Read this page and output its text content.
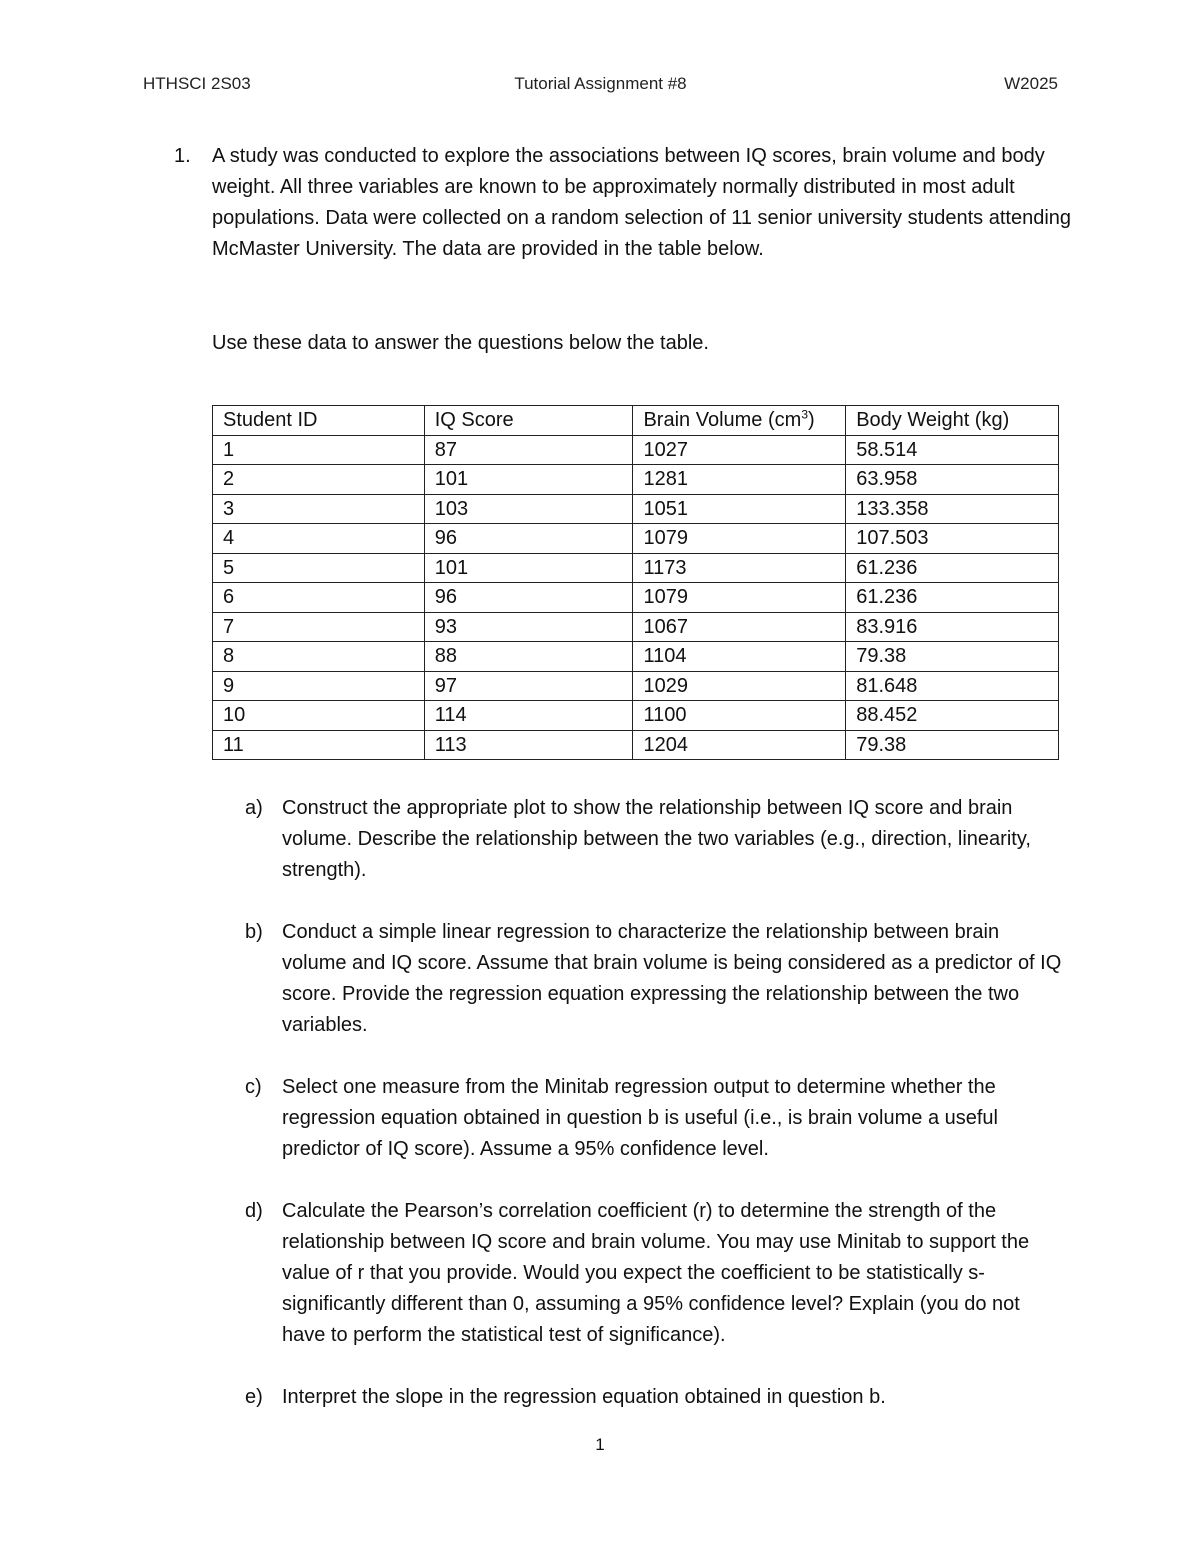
HTHSCI 2S03	Tutorial Assignment #8	W2025
1. A study was conducted to explore the associations between IQ scores, brain volume and body weight. All three variables are known to be approximately normally distributed in most adult populations. Data were collected on a random selection of 11 senior university students attending McMaster University. The data are provided in the table below.

Use these data to answer the questions below the table.
Student ID	IQ Score	Brain Volume $(cm^3)$	Body Weight (kg)
1	87	1027	58.514
2	101	1281	63.958
3	103	1051	133.358
4	96	1079	107.503
5	101	1173	61.236
6	96	1079	61.236
7	93	1067	83.916
8	88	1104	79.38
9	97	1029	81.648
10	114	1100	88.452
11	113	1204	79.38
a) Construct the appropriate plot to show the relationship between IQ score and brain volume. Describe the relationship between the two variables (e.g., direction, linearity, strength).
b) Conduct a simple linear regression to characterize the relationship between brain volume and IQ score. Assume that brain volume is being considered as a predictor of IQ score. Provide the regression equation expressing the relationship between the two variables.
c) Select one measure from the Minitab regression output to determine whether the regression equation obtained in question b is useful (i.e., is brain volume a useful predictor of IQ score). Assume a 95% confidence level.
d) Calculate the Pearson’s correlation coefficient (r) to determine the strength of the relationship between IQ score and brain volume. You may use Minitab to support the value of r that you provide. Would you expect the coefficient to be statistically s-significantly different than 0, assuming a 95% confidence level? Explain (you do not have to perform the statistical test of significance).
e) Interpret the slope in the regression equation obtained in question b.
1
